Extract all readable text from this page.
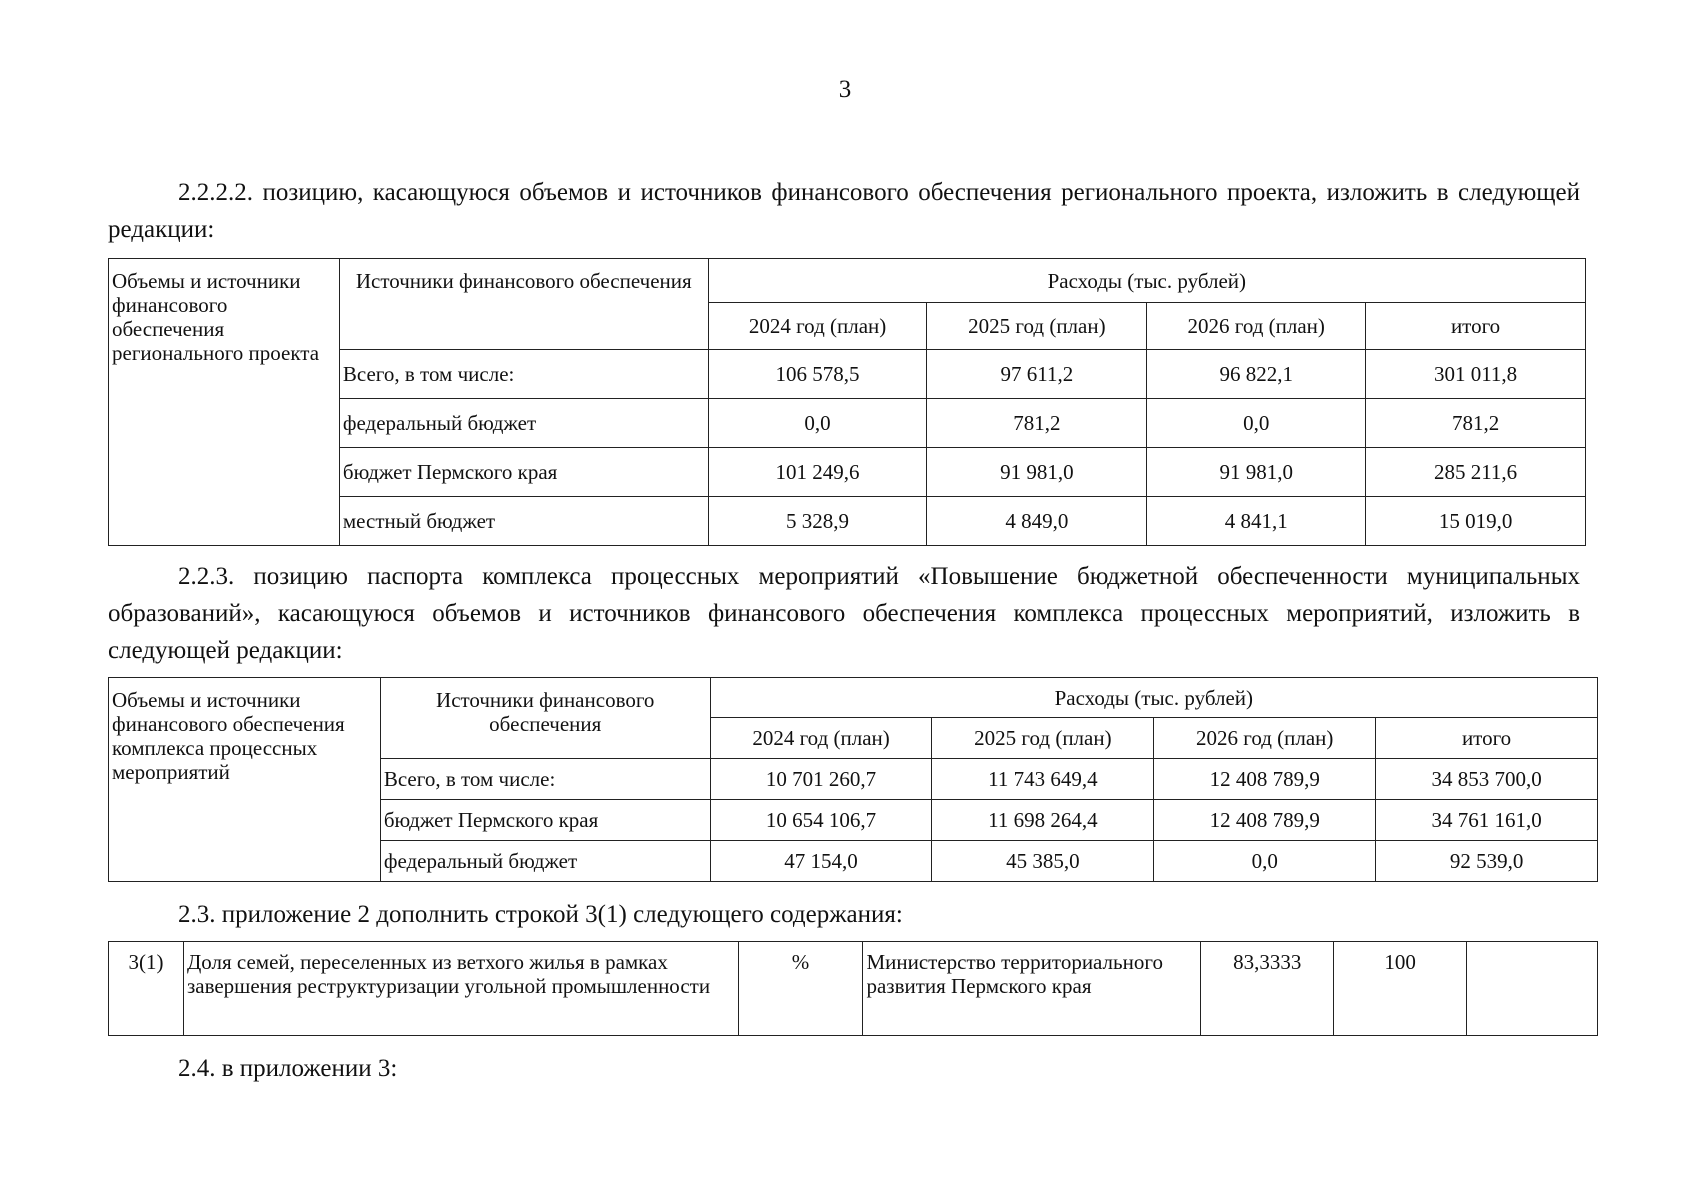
3
2.2.2.2. позицию, касающуюся объемов и источников финансового обеспечения регионального проекта, изложить в следующей редакции:
Объемы и источники финансового обеспечения регионального проекта	Источники финансового обеспечения	Расходы (тыс. рублей)			
		2024 год (план)	2025 год (план)	2026 год (план)	итого
	Всего, в том числе:	106 578,5	97 611,2	96 822,1	301 011,8
	федеральный бюджет	0,0	781,2	0,0	781,2
	бюджет Пермского края	101 249,6	91 981,0	91 981,0	285 211,6
	местный бюджет	5 328,9	4 849,0	4 841,1	15 019,0
2.2.3. позицию паспорта комплекса процессных мероприятий «Повышение бюджетной обеспеченности муниципальных образований», касающуюся объемов и источников финансового обеспечения комплекса процессных мероприятий, изложить в следующей редакции:
Объемы и источники финансового обеспечения комплекса процессных мероприятий	Источники финансового обеспечения	Расходы (тыс. рублей)			
		2024 год (план)	2025 год (план)	2026 год (план)	итого
	Всего, в том числе:	10 701 260,7	11 743 649,4	12 408 789,9	34 853 700,0
	бюджет Пермского края	10 654 106,7	11 698 264,4	12 408 789,9	34 761 161,0
	федеральный бюджет	47 154,0	45 385,0	0,0	92 539,0
2.3. приложение 2 дополнить строкой 3(1) следующего содержания:
3(1)	Доля семей, переселенных из ветхого жилья в рамках завершения реструктуризации угольной промышленности	%	Министерство территориального развития Пермского края	83,3333	100	
2.4. в приложении 3:
